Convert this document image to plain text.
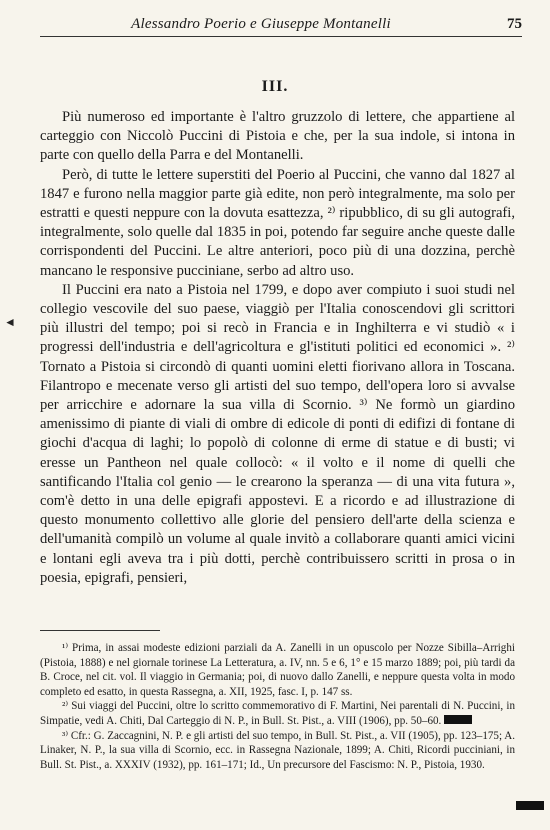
Alessandro Poerio e Giuseppe Montanelli	75
III.
◄

Più numeroso ed importante è l'altro gruzzolo di lettere, che appartiene al carteggio con Niccolò Puccini di Pistoia e che, per la sua indole, si intona in parte con quello della Parra e del Montanelli.

Però, di tutte le lettere superstiti del Poerio al Puccini, che vanno dal 1827 al 1847 e furono nella maggior parte già edite, non però integralmente, ma solo per estratti e questi neppure con la dovuta esattezza, ²⁾ ripubblico, di su gli autografi, integralmente, solo quelle dal 1835 in poi, potendo far seguire anche queste dalle corrispondenti del Puccini. Le altre anteriori, poco più di una dozzina, perchè mancano le responsive pucciniane, serbo ad altro uso.

Il Puccini era nato a Pistoia nel 1799, e dopo aver compiuto i suoi studi nel collegio vescovile del suo paese, viaggiò per l'Italia conoscendovi gli scrittori più illustri del tempo; poi si recò in Francia e in Inghilterra e vi studiò « i progressi dell'industria e dell'agricoltura e gl'istituti politici ed economici ». ²⁾ Tornato a Pistoia si circondò di quanti uomini eletti fiorivano allora in Toscana. Filantropo e mecenate verso gli artisti del suo tempo, dell'opera loro si avvalse per arricchire e adornare la sua villa di Scornio. ³⁾ Ne formò un giardino amenissimo di piante di viali di ombre di edicole di ponti di edifizi di fontane di giochi d'acqua di laghi; lo popolò di colonne di erme di statue e di busti; vi eresse un Pantheon nel quale collocò: « il volto e il nome di quelli che santificando l'Italia col genio — le crearono la speranza — di una vita futura », com'è detto in una delle epigrafi appostevi. E a ricordo e ad illustrazione di questo monumento collettivo alle glorie del pensiero dell'arte della scienza e dell'umanità compilò un volume al quale invitò a collaborare quanti amici vicini e lontani egli aveva tra i più dotti, perchè contribuissero scritti in prosa o in poesia, epigrafi, pensieri,

¹⁾ Prima, in assai modeste edizioni parziali da A. Zanelli in un opuscolo per Nozze Sibilla–Arrighi (Pistoia, 1888) e nel giornale torinese La Letteratura, a. IV, nn. 5 e 6, 1° e 15 marzo 1889; poi, più tardi da B. Croce, nel cit. vol. Il viaggio in Germania; poi, di nuovo dallo Zanelli, e neppure questa volta in modo completo ed esatto, in questa Rassegna, a. XII, 1925, fasc. I, p. 147 ss.

²⁾ Sui viaggi del Puccini, oltre lo scritto commemorativo di F. Martini, Nei parentali di N. Puccini, in Simpatie, vedi A. Chiti, Dal Carteggio di N. P., in Bull. St. Pist., a. VIII (1906), pp. 50–60.

³⁾ Cfr.: G. Zaccagnini, N. P. e gli artisti del suo tempo, in Bull. St. Pist., a. VII (1905), pp. 123–175; A. Linaker, N. P., la sua villa di Scornio, ecc. in Rassegna Nazionale, 1899; A. Chiti, Ricordi pucciniani, in Bull. St. Pist., a. XXXIV (1932), pp. 161–171; Id., Un precursore del Fascismo: N. P., Pistoia, 1930.
